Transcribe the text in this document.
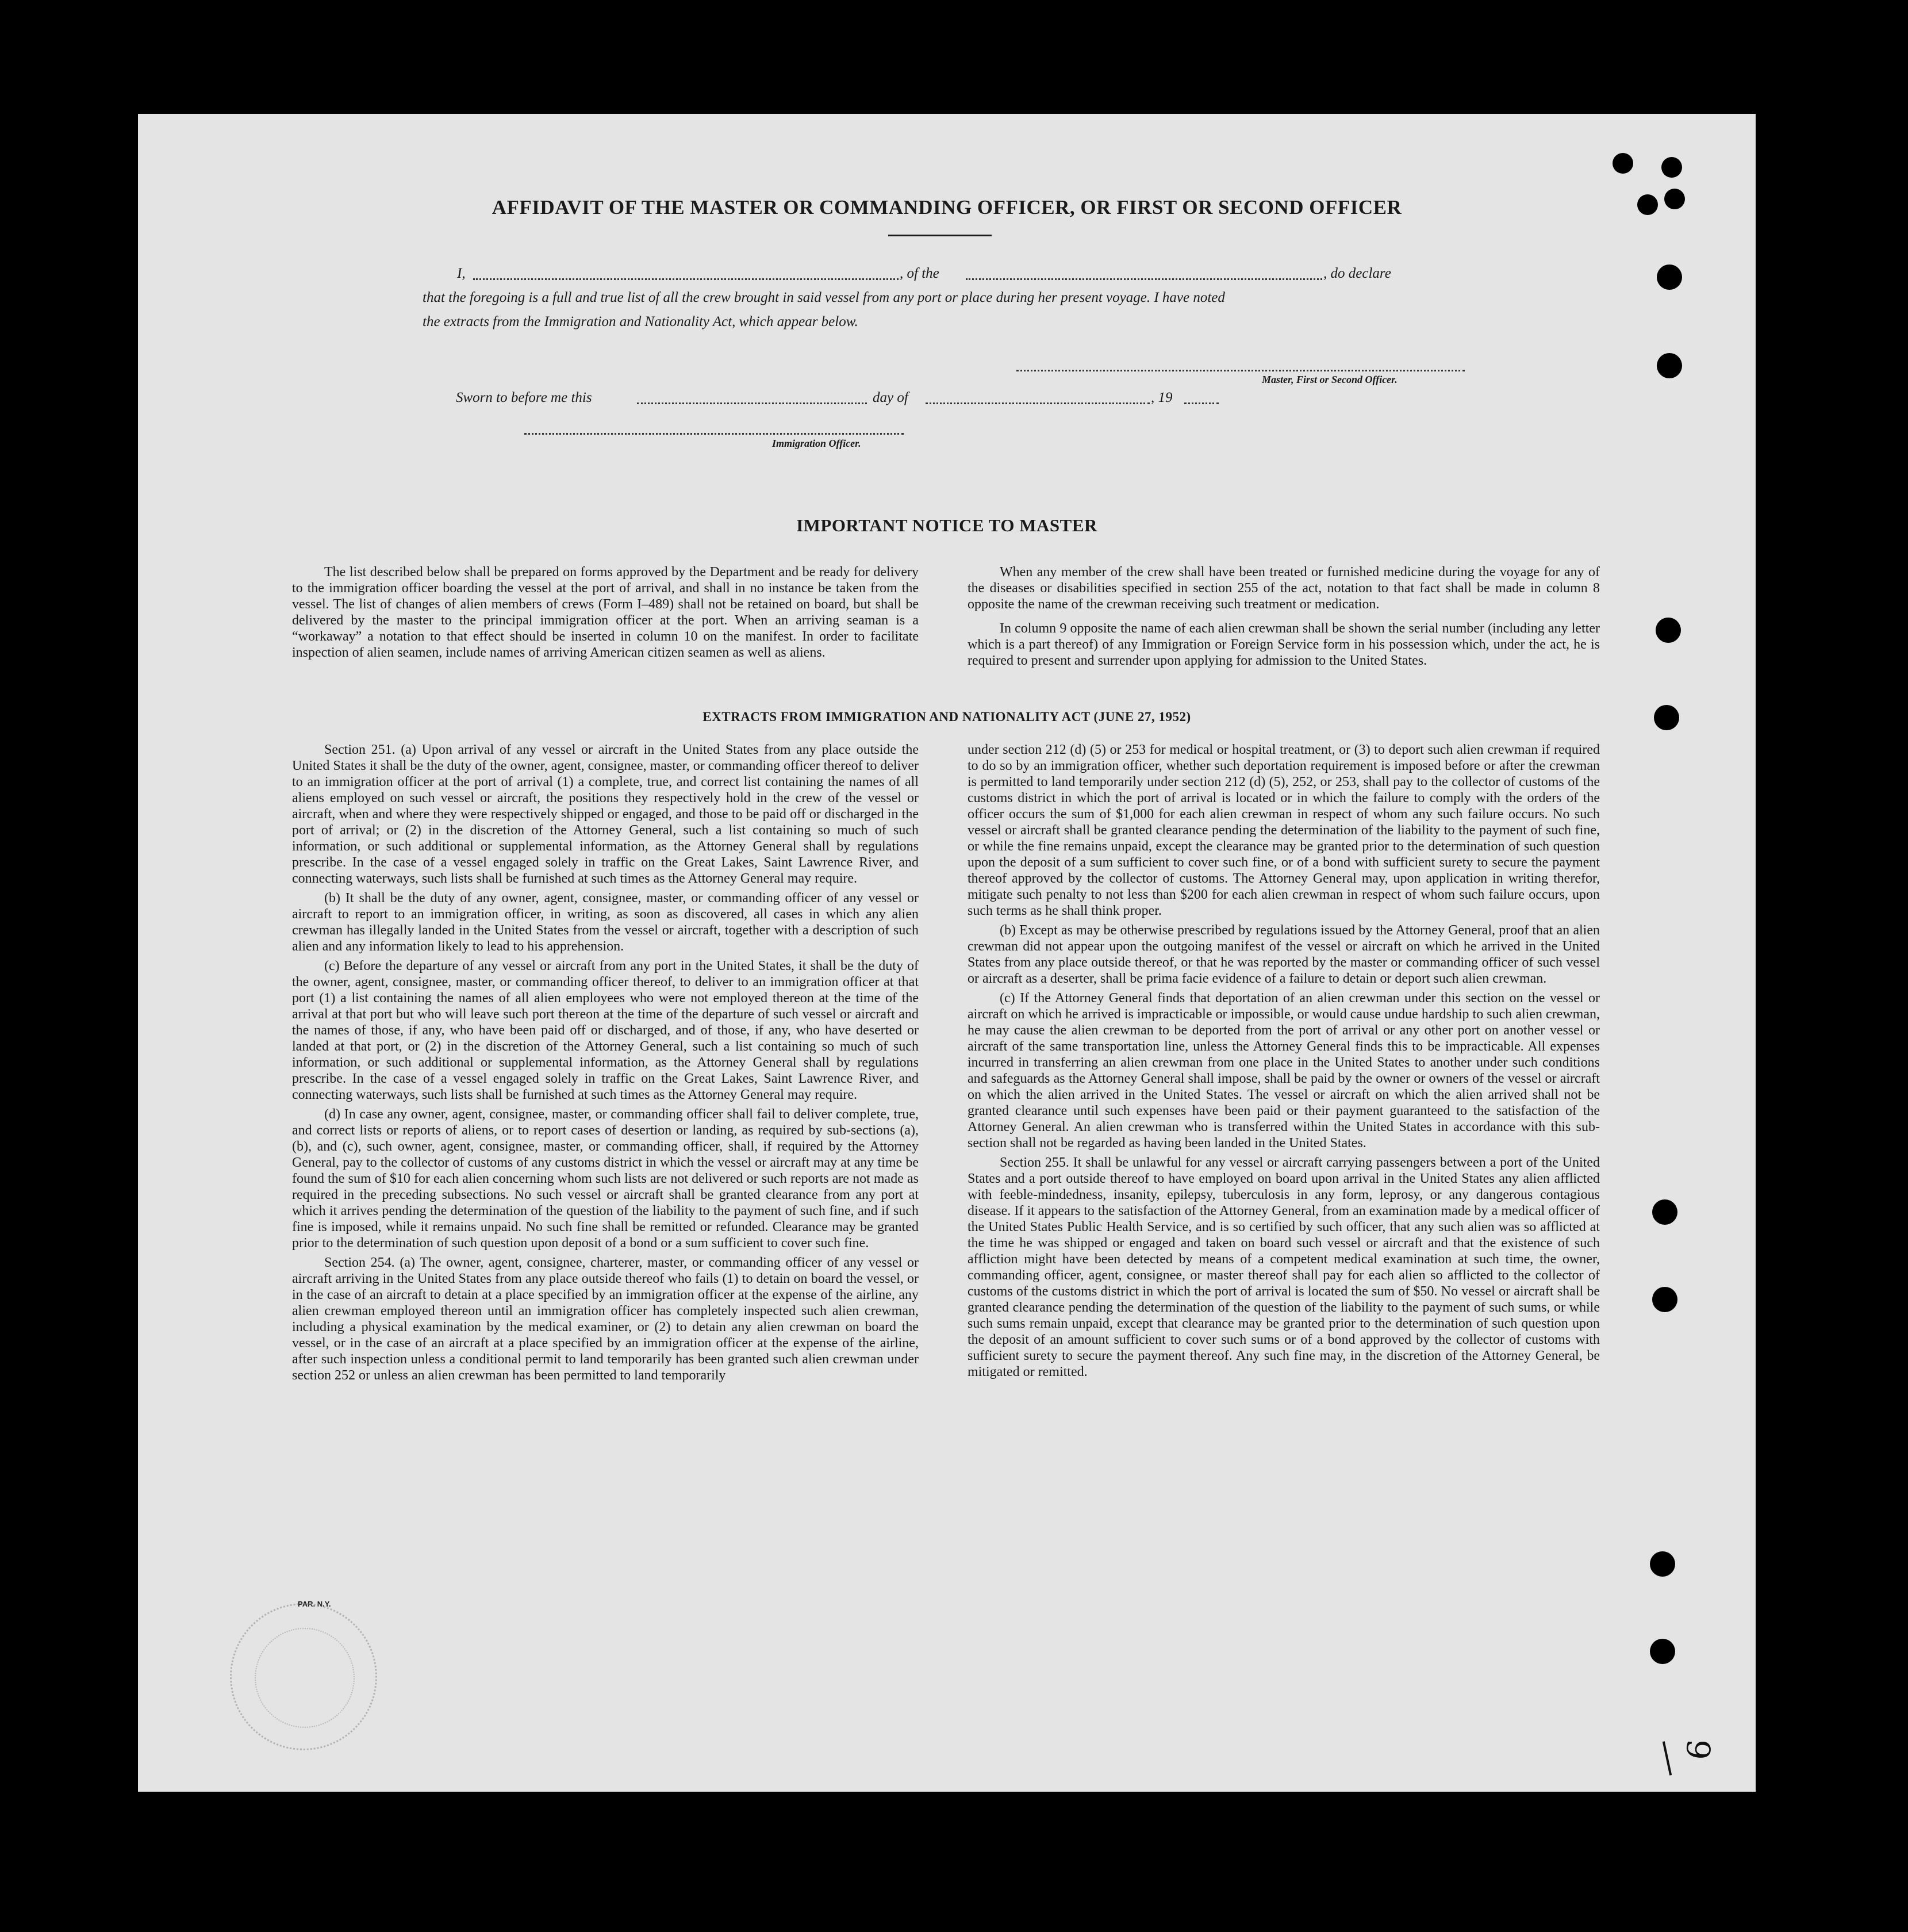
AFFIDAVIT OF THE MASTER OR COMMANDING OFFICER, OR FIRST OR SECOND OFFICER
I,	, of the	, do declare
that the foregoing is a full and true list of all the crew brought in said vessel from any port or place during her present voyage. I have noted
the extracts from the Immigration and Nationality Act, which appear below.
Master, First or Second Officer.
Sworn to before me this	day of	, 19
Immigration Officer.
IMPORTANT NOTICE TO MASTER

The list described below shall be prepared on forms approved by the Department and be ready for delivery to the immigration officer boarding the vessel at the port of arrival, and shall in no instance be taken from the vessel. The list of changes of alien members of crews (Form I–489) shall not be retained on board, but shall be delivered by the master to the principal immigration officer at the port. When an arriving seaman is a “workaway” a notation to that effect should be inserted in column 10 on the manifest. In order to facilitate inspection of alien seamen, include names of arriving American citizen seamen as well as aliens.

When any member of the crew shall have been treated or furnished medicine during the voyage for any of the diseases or disabilities specified in section 255 of the act, notation to that fact shall be made in column 8 opposite the name of the crewman receiving such treatment or medication.

In column 9 opposite the name of each alien crewman shall be shown the serial number (including any letter which is a part thereof) of any Immigration or Foreign Service form in his possession which, under the act, he is required to present and surrender upon applying for admission to the United States.

EXTRACTS FROM IMMIGRATION AND NATIONALITY ACT (JUNE 27, 1952)

Section 251. (a) Upon arrival of any vessel or aircraft in the United States from any place outside the United States it shall be the duty of the owner, agent, consignee, master, or commanding officer thereof to deliver to an immigration officer at the port of arrival (1) a complete, true, and correct list containing the names of all aliens employed on such vessel or aircraft, the positions they respectively hold in the crew of the vessel or aircraft, when and where they were respectively shipped or engaged, and those to be paid off or discharged in the port of arrival; or (2) in the discretion of the Attorney General, such a list containing so much of such information, or such additional or supplemental information, as the Attorney General shall by regulations prescribe. In the case of a vessel engaged solely in traffic on the Great Lakes, Saint Lawrence River, and connecting waterways, such lists shall be furnished at such times as the Attorney General may require.

(b) It shall be the duty of any owner, agent, consignee, master, or commanding officer of any vessel or aircraft to report to an immigration officer, in writing, as soon as discovered, all cases in which any alien crewman has illegally landed in the United States from the vessel or aircraft, together with a description of such alien and any information likely to lead to his apprehension.

(c) Before the departure of any vessel or aircraft from any port in the United States, it shall be the duty of the owner, agent, consignee, master, or commanding officer thereof, to deliver to an immigration officer at that port (1) a list containing the names of all alien employees who were not employed thereon at the time of the arrival at that port but who will leave such port thereon at the time of the departure of such vessel or aircraft and the names of those, if any, who have been paid off or discharged, and of those, if any, who have deserted or landed at that port, or (2) in the discretion of the Attorney General, such a list containing so much of such information, or such additional or supplemental information, as the Attorney General shall by regulations prescribe. In the case of a vessel engaged solely in traffic on the Great Lakes, Saint Lawrence River, and connecting waterways, such lists shall be furnished at such times as the Attorney General may require.

(d) In case any owner, agent, consignee, master, or commanding officer shall fail to deliver complete, true, and correct lists or reports of aliens, or to report cases of desertion or landing, as required by sub-sections (a), (b), and (c), such owner, agent, consignee, master, or commanding officer, shall, if required by the Attorney General, pay to the collector of customs of any customs district in which the vessel or aircraft may at any time be found the sum of $10 for each alien concerning whom such lists are not delivered or such reports are not made as required in the preceding subsections. No such vessel or aircraft shall be granted clearance from any port at which it arrives pending the determination of the question of the liability to the payment of such fine, and if such fine is imposed, while it remains unpaid. No such fine shall be remitted or refunded. Clearance may be granted prior to the determination of such question upon deposit of a bond or a sum sufficient to cover such fine.

Section 254. (a) The owner, agent, consignee, charterer, master, or commanding officer of any vessel or aircraft arriving in the United States from any place outside thereof who fails (1) to detain on board the vessel, or in the case of an aircraft to detain at a place specified by an immigration officer at the expense of the airline, any alien crewman employed thereon until an immigration officer has completely inspected such alien crewman, including a physical examination by the medical examiner, or (2) to detain any alien crewman on board the vessel, or in the case of an aircraft at a place specified by an immigration officer at the expense of the airline, after such inspection unless a conditional permit to land temporarily has been granted such alien crewman under section 252 or unless an alien crewman has been permitted to land temporarily

under section 212 (d) (5) or 253 for medical or hospital treatment, or (3) to deport such alien crewman if required to do so by an immigration officer, whether such deportation requirement is imposed before or after the crewman is permitted to land temporarily under section 212 (d) (5), 252, or 253, shall pay to the collector of customs of the customs district in which the port of arrival is located or in which the failure to comply with the orders of the officer occurs the sum of $1,000 for each alien crewman in respect of whom any such failure occurs. No such vessel or aircraft shall be granted clearance pending the determination of the liability to the payment of such fine, or while the fine remains unpaid, except the clearance may be granted prior to the determination of such question upon the deposit of a sum sufficient to cover such fine, or of a bond with sufficient surety to secure the payment thereof approved by the collector of customs. The Attorney General may, upon application in writing therefor, mitigate such penalty to not less than $200 for each alien crewman in respect of whom such failure occurs, upon such terms as he shall think proper.

(b) Except as may be otherwise prescribed by regulations issued by the Attorney General, proof that an alien crewman did not appear upon the outgoing manifest of the vessel or aircraft on which he arrived in the United States from any place outside thereof, or that he was reported by the master or commanding officer of such vessel or aircraft as a deserter, shall be prima facie evidence of a failure to detain or deport such alien crewman.

(c) If the Attorney General finds that deportation of an alien crewman under this section on the vessel or aircraft on which he arrived is impracticable or impossible, or would cause undue hardship to such alien crewman, he may cause the alien crewman to be deported from the port of arrival or any other port on another vessel or aircraft of the same transportation line, unless the Attorney General finds this to be impracticable. All expenses incurred in transferring an alien crewman from one place in the United States to another under such conditions and safeguards as the Attorney General shall impose, shall be paid by the owner or owners of the vessel or aircraft on which the alien arrived in the United States. The vessel or aircraft on which the alien arrived shall not be granted clearance until such expenses have been paid or their payment guaranteed to the satisfaction of the Attorney General. An alien crewman who is transferred within the United States in accordance with this sub-section shall not be regarded as having been landed in the United States.

Section 255. It shall be unlawful for any vessel or aircraft carrying passengers between a port of the United States and a port outside thereof to have employed on board upon arrival in the United States any alien afflicted with feeble-mindedness, insanity, epilepsy, tuberculosis in any form, leprosy, or any dangerous contagious disease. If it appears to the satisfaction of the Attorney General, from an examination made by a medical officer of the United States Public Health Service, and is so certified by such officer, that any such alien was so afflicted at the time he was shipped or engaged and taken on board such vessel or aircraft and that the existence of such affliction might have been detected by means of a competent medical examination at such time, the owner, commanding officer, agent, consignee, or master thereof shall pay for each alien so afflicted to the collector of customs of the customs district in which the port of arrival is located the sum of $50. No vessel or aircraft shall be granted clearance pending the determination of the question of the liability to the payment of such sums, or while such sums remain unpaid, except that clearance may be granted prior to the determination of such question upon the deposit of an amount sufficient to cover such sums or of a bond approved by the collector of customs with sufficient surety to secure the payment thereof. Any such fine may, in the discretion of the Attorney General, be mitigated or remitted.

PAR. N.Y.
9
